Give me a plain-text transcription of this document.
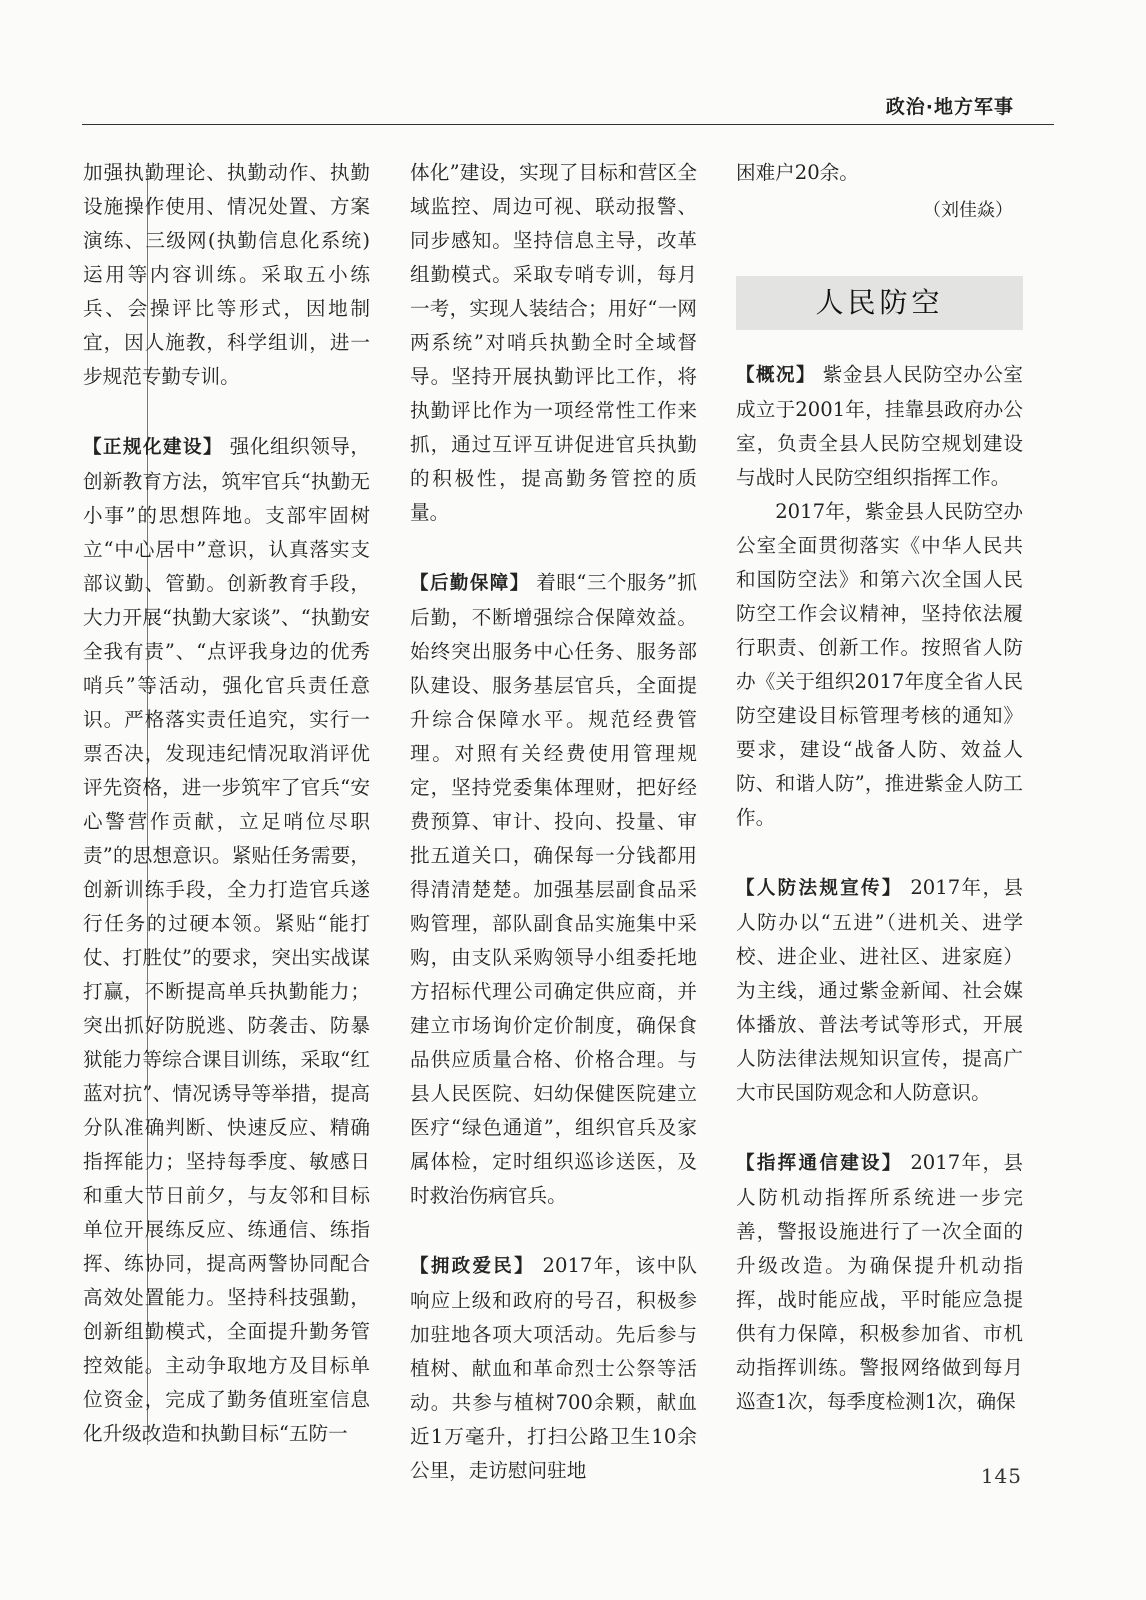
政治·地方军事

加强执勤理论、执勤动作、执勤设施操作使用、情况处置、方案演练、三级网(执勤信息化系统)运用等内容训练。采取五小练兵、会操评比等形式，因地制宜，因人施教，科学组训，进一步规范专勤专训。

【正规化建设】 强化组织领导，创新教育方法，筑牢官兵“执勤无小事”的思想阵地。支部牢固树立“中心居中”意识，认真落实支部议勤、管勤。创新教育手段，大力开展“执勤大家谈”、“执勤安全我有责”、“点评我身边的优秀哨兵”等活动，强化官兵责任意识。严格落实责任追究，实行一票否决，发现违纪情况取消评优评先资格，进一步筑牢了官兵“安心警营作贡献，立足哨位尽职责”的思想意识。紧贴任务需要，创新训练手段，全力打造官兵遂行任务的过硬本领。紧贴“能打仗、打胜仗”的要求，突出实战谋打赢，不断提高单兵执勤能力；突出抓好防脱逃、防袭击、防暴狱能力等综合课目训练，采取“红蓝对抗”、情况诱导等举措，提高分队准确判断、快速反应、精确指挥能力；坚持每季度、敏感日和重大节日前夕，与友邻和目标单位开展练反应、练通信、练指挥、练协同，提高两警协同配合高效处置能力。坚持科技强勤，创新组勤模式，全面提升勤务管控效能。主动争取地方及目标单位资金，完成了勤务值班室信息化升级改造和执勤目标“五防一

体化”建设，实现了目标和营区全域监控、周边可视、联动报警、同步感知。坚持信息主导，改革组勤模式。采取专哨专训，每月一考，实现人装结合；用好“一网两系统”对哨兵执勤全时全域督导。坚持开展执勤评比工作，将执勤评比作为一项经常性工作来抓，通过互评互讲促进官兵执勤的积极性，提高勤务管控的质量。

【后勤保障】 着眼“三个服务”抓后勤，不断增强综合保障效益。始终突出服务中心任务、服务部队建设、服务基层官兵，全面提升综合保障水平。规范经费管理。对照有关经费使用管理规定，坚持党委集体理财，把好经费预算、审计、投向、投量、审批五道关口，确保每一分钱都用得清清楚楚。加强基层副食品采购管理，部队副食品实施集中采购，由支队采购领导小组委托地方招标代理公司确定供应商，并建立市场询价定价制度，确保食品供应质量合格、价格合理。与县人民医院、妇幼保健医院建立医疗“绿色通道”，组织官兵及家属体检，定时组织巡诊送医，及时救治伤病官兵。

【拥政爱民】 2017年，该中队响应上级和政府的号召，积极参加驻地各项大项活动。先后参与植树、献血和革命烈士公祭等活动。共参与植树700余颗，献血近1万毫升，打扫公路卫生10余公里，走访慰问驻地

困难户20余。

（刘佳焱）

人民防空

【概况】 紫金县人民防空办公室成立于2001年，挂靠县政府办公室，负责全县人民防空规划建设与战时人民防空组织指挥工作。

2017年，紫金县人民防空办公室全面贯彻落实《中华人民共和国防空法》和第六次全国人民防空工作会议精神，坚持依法履行职责、创新工作。按照省人防办《关于组织2017年度全省人民防空建设目标管理考核的通知》要求，建设“战备人防、效益人防、和谐人防”，推进紫金人防工作。

【人防法规宣传】 2017年，县人防办以“五进”（进机关、进学校、进企业、进社区、进家庭）为主线，通过紫金新闻、社会媒体播放、普法考试等形式，开展人防法律法规知识宣传，提高广大市民国防观念和人防意识。

【指挥通信建设】 2017年，县人防机动指挥所系统进一步完善，警报设施进行了一次全面的升级改造。为确保提升机动指挥，战时能应战，平时能应急提供有力保障，积极参加省、市机动指挥训练。警报网络做到每月巡查1次，每季度检测1次，确保

145
